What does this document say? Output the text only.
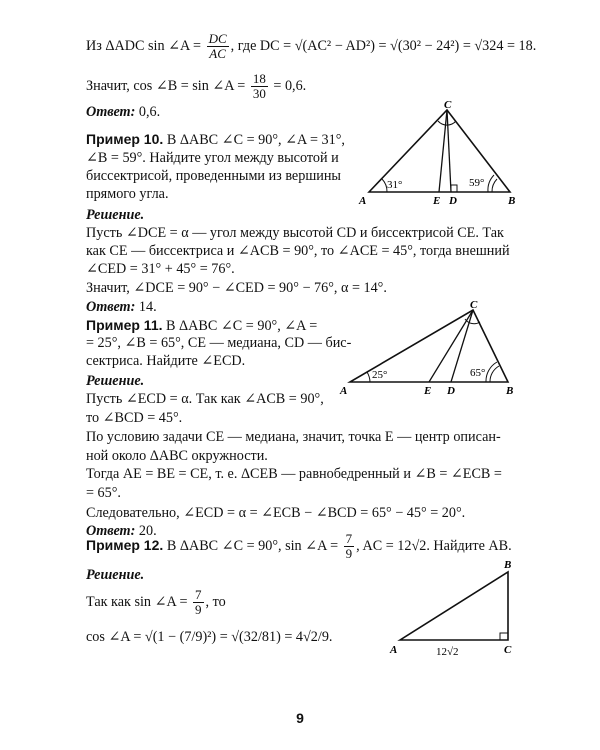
Из ΔADC sin ∠A = $\frac{DC}{AC}$ , где DC = √(AC² − AD²) = √(30² − 24²) = √324 = 18.
Значит, cos ∠B = sin ∠A = $\frac{18}{30} = 0,6$.
Ответ: 0,6.
Пример 10. В ΔABC ∠C = 90°, ∠A = 31°,
∠B = 59°. Найдите угол между высотой и
биссектрисой, проведенными из вершины
прямого угла.
Решение.
Пусть ∠DCE = α — угол между высотой CD и биссектрисой CE. Так
как CE — биссектриса и ∠ACB = 90°, то ∠ACE = 45°, тогда внешний
∠CED = 31° + 45° = 76°.
Значит, ∠DCE = 90° − ∠CED = 90° − 76°, α = 14°.
Ответ: 14.
C
A	E D	B
31°	59°
Пример 11. В ΔABC ∠C = 90°, ∠A =
= 25°, ∠B = 65°, CE — медиана, CD — бис-
сектриса. Найдите ∠ECD.
Решение.
Пусть ∠ECD = α. Так как ∠ACB = 90°,
то ∠BCD = 45°.
По условию задачи CE — медиана, значит, точка E — центр описан-
ной около ΔABC окружности.
Тогда AE = BE = CE, т. е. ΔCEB — равнобедренный и ∠B = ∠ECB =
= 65°.
Следовательно, ∠ECD = α = ∠ECB − ∠BCD = 65° − 45° = 20°.
Ответ: 20.
C
A	E D	B
25°	65°
Пример 12. В ΔABC ∠C = 90°, sin ∠A = $\frac{7}{9}$ , AC = 12√2. Найдите AB.
Решение.
Так как sin ∠A = $\frac{7}{9}$ , то
cos ∠A = √(1 − (7/9)²) = √(32/81) = 4√2/9.
B
A	C
12√2
9
